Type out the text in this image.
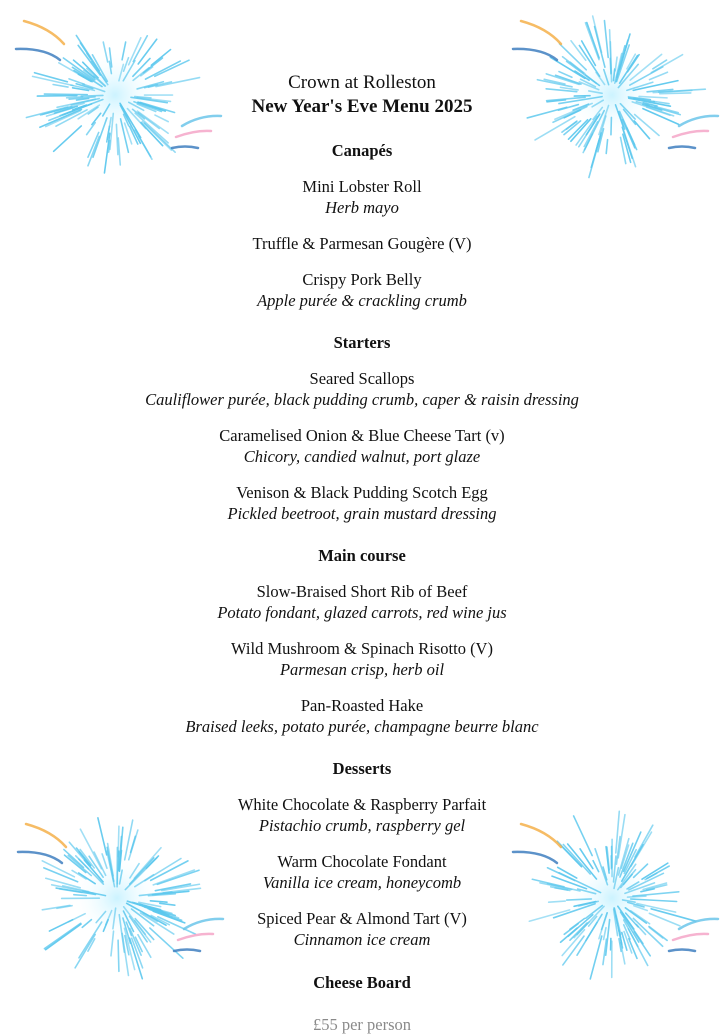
Crown at Rolleston
New Year's Eve Menu 2025
Canapés
Mini Lobster Roll
Herb mayo
Truffle & Parmesan Gougère (V)
Crispy Pork Belly
Apple purée & crackling crumb
Starters
Seared Scallops
Cauliflower purée, black pudding crumb, caper & raisin dressing
Caramelised Onion & Blue Cheese Tart (v)
Chicory, candied walnut, port glaze
Venison & Black Pudding Scotch Egg
Pickled beetroot, grain mustard dressing
Main course
Slow-Braised Short Rib of Beef
Potato fondant, glazed carrots, red wine jus
Wild Mushroom & Spinach Risotto (V)
Parmesan crisp, herb oil
Pan-Roasted Hake
Braised leeks, potato purée, champagne beurre blanc
Desserts
White Chocolate & Raspberry Parfait
Pistachio crumb, raspberry gel
Warm Chocolate Fondant
Vanilla ice cream, honeycomb
Spiced Pear & Almond Tart (V)
Cinnamon ice cream
Cheese Board
£55 per person
